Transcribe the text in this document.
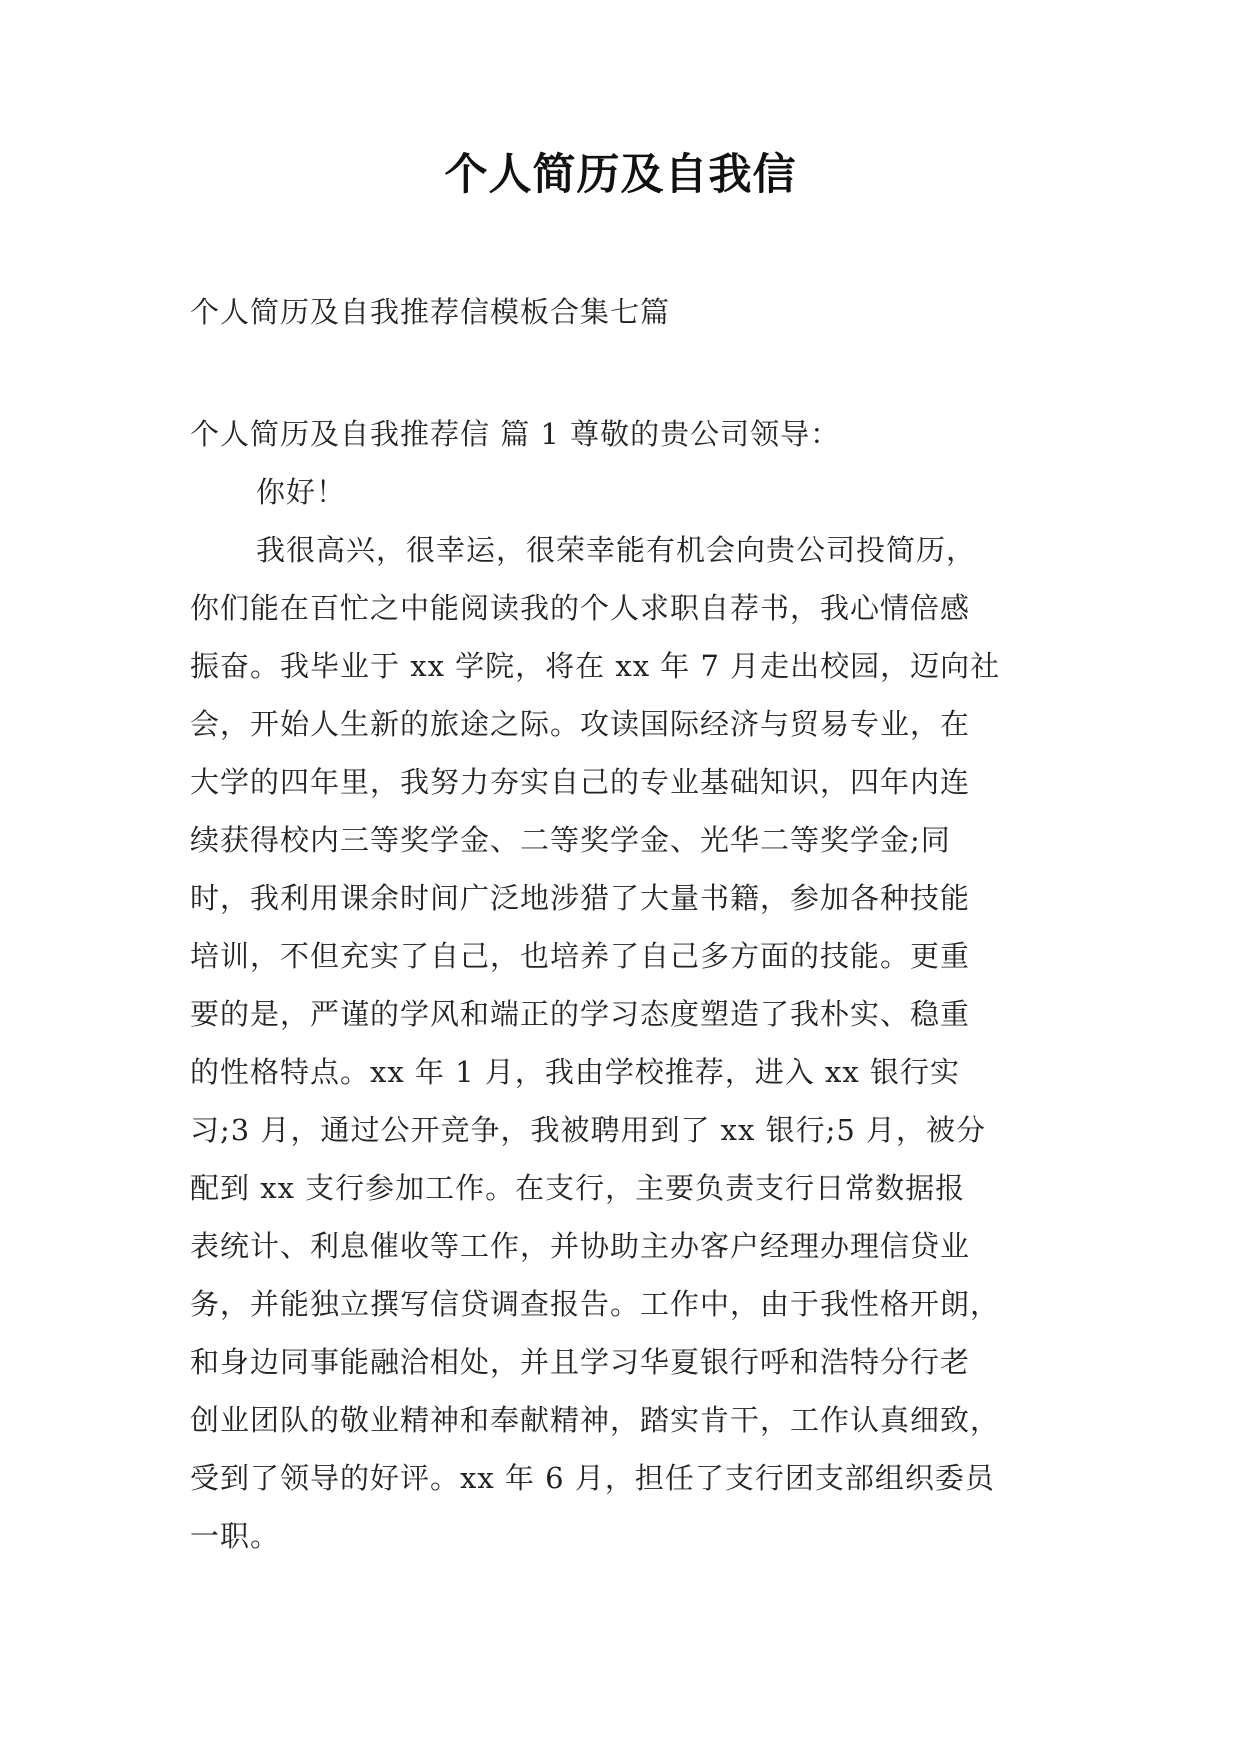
个人简历及自我信

个人简历及自我推荐信模板合集七篇

个人简历及自我推荐信 篇 1 尊敬的贵公司领导：
你好！
我很高兴，很幸运，很荣幸能有机会向贵公司投简历，
你们能在百忙之中能阅读我的个人求职自荐书，我心情倍感
振奋。我毕业于 xx 学院，将在 xx 年 7 月走出校园，迈向社
会，开始人生新的旅途之际。攻读国际经济与贸易专业，在
大学的四年里，我努力夯实自己的专业基础知识，四年内连
续获得校内三等奖学金、二等奖学金、光华二等奖学金;同
时，我利用课余时间广泛地涉猎了大量书籍，参加各种技能
培训，不但充实了自己，也培养了自己多方面的技能。更重
要的是，严谨的学风和端正的学习态度塑造了我朴实、稳重
的性格特点。xx 年 1 月，我由学校推荐，进入 xx 银行实
习;3 月，通过公开竞争，我被聘用到了 xx 银行;5 月，被分
配到 xx 支行参加工作。在支行，主要负责支行日常数据报
表统计、利息催收等工作，并协助主办客户经理办理信贷业
务，并能独立撰写信贷调查报告。工作中，由于我性格开朗，
和身边同事能融洽相处，并且学习华夏银行呼和浩特分行老
创业团队的敬业精神和奉献精神，踏实肯干，工作认真细致，
受到了领导的好评。xx 年 6 月，担任了支行团支部组织委员
一职。
